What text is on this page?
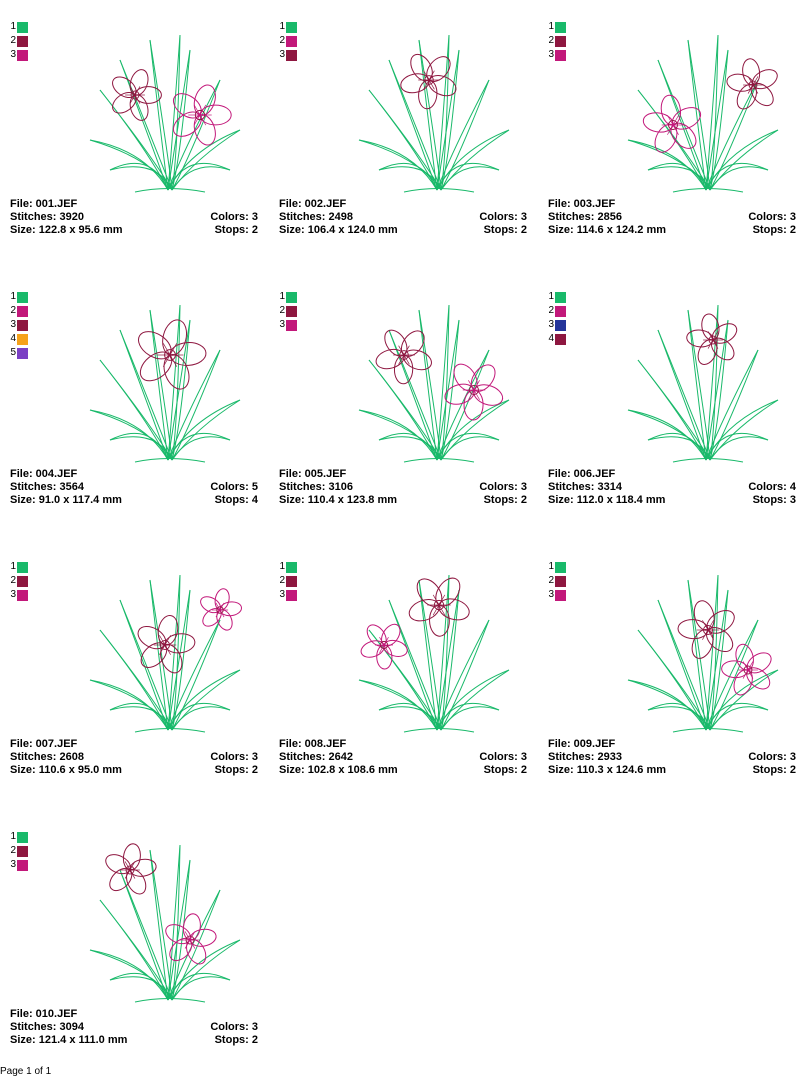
1
2
3
File: 001.JEF
Stitches: 3920	Colors: 3
Size: 122.8 x 95.6 mm	Stops: 2
1
2
3
File: 002.JEF
Stitches: 2498	Colors: 3
Size: 106.4 x 124.0 mm	Stops: 2
1
2
3
File: 003.JEF
Stitches: 2856	Colors: 3
Size: 114.6 x 124.2 mm	Stops: 2
1
2
3
4
5
File: 004.JEF
Stitches: 3564	Colors: 5
Size: 91.0 x 117.4 mm	Stops: 4
1
2
3
File: 005.JEF
Stitches: 3106	Colors: 3
Size: 110.4 x 123.8 mm	Stops: 2
1
2
3
4
File: 006.JEF
Stitches: 3314	Colors: 4
Size: 112.0 x 118.4 mm	Stops: 3
1
2
3
File: 007.JEF
Stitches: 2608	Colors: 3
Size: 110.6 x 95.0 mm	Stops: 2
1
2
3
File: 008.JEF
Stitches: 2642	Colors: 3
Size: 102.8 x 108.6 mm	Stops: 2
1
2
3
File: 009.JEF
Stitches: 2933	Colors: 3
Size: 110.3 x 124.6 mm	Stops: 2
1
2
3
File: 010.JEF
Stitches: 3094	Colors: 3
Size: 121.4 x 111.0 mm	Stops: 2
Page 1 of 1
